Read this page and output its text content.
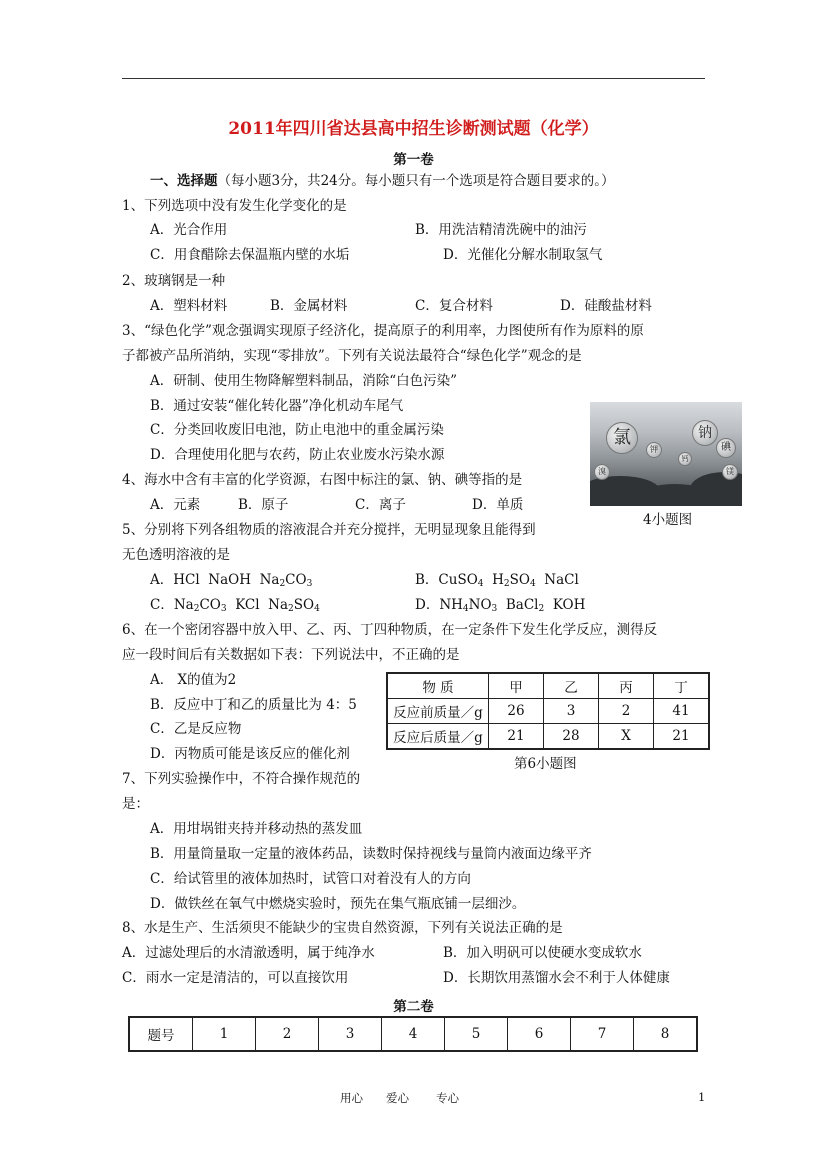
2011年四川省达县高中招生诊断测试题（化学）
第一卷
一、选择题（每小题3分，共24分。每小题只有一个选项是符合题目要求的。）
1、下列选项中没有发生化学变化的是
A．光合作用	B．用洗洁精清洗碗中的油污
C．用食醋除去保温瓶内壁的水垢	D．光催化分解水制取氢气
2、玻璃钢是一种
A．塑料材料	B．金属材料	C．复合材料	D．硅酸盐材料
3、“绿色化学”观念强调实现原子经济化，提高原子的利用率，力图使所有作为原料的原
子都被产品所消纳，实现“零排放”。下列有关说法最符合“绿色化学”观念的是
A．研制、使用生物降解塑料制品，消除“白色污染”
B．通过安装“催化转化器”净化机动车尾气
C．分类回收废旧电池，防止电池中的重金属污染
D．合理使用化肥与农药，防止农业废水污染水源
氯	钠
碘
镁
钾
钙
溴
4小题图
4、海水中含有丰富的化学资源，右图中标注的氯、钠、碘等指的是
A．元素	B．原子	C．离子	D．单质
5、分别将下列各组物质的溶液混合并充分搅拌，无明显现象且能得到
无色透明溶液的是
A．HCl NaOH $Na_2CO_3$	B．CuSO$_4$ $H_2SO_4$ NaCl
C．$Na_2CO_3$ KCl $Na_2SO_4$	D．$NH_4NO_3$ BaCl$_2$ KOH
6、在一个密闭容器中放入甲、乙、丙、丁四种物质，在一定条件下发生化学反应，测得反
应一段时间后有关数据如下表：下列说法中，不正确的是
A． X的值为2
B．反应中丁和乙的质量比为 4：5
C．乙是反应物
D．丙物质可能是该反应的催化剂
物 质	甲	乙	丙	丁
反应前质量／g	26	3	2	41
反应后质量／g	21	28	X	21
第6小题图
7、下列实验操作中，不符合操作规范的
是：
A．用坩埚钳夹持并移动热的蒸发皿
B．用量筒量取一定量的液体药品，读数时保持视线与量筒内液面边缘平齐
C．给试管里的液体加热时，试管口对着没有人的方向
D．做铁丝在氧气中燃烧实验时，预先在集气瓶底铺一层细沙。
8、水是生产、生活须臾不能缺少的宝贵自然资源，下列有关说法正确的是
A．过滤处理后的水清澈透明，属于纯净水	B．加入明矾可以使硬水变成软水
C．雨水一定是清洁的，可以直接饮用	D．长期饮用蒸馏水会不利于人体健康
第二卷
题号	1	2	3	4	5	6	7	8
用心 爱心 专心	1
